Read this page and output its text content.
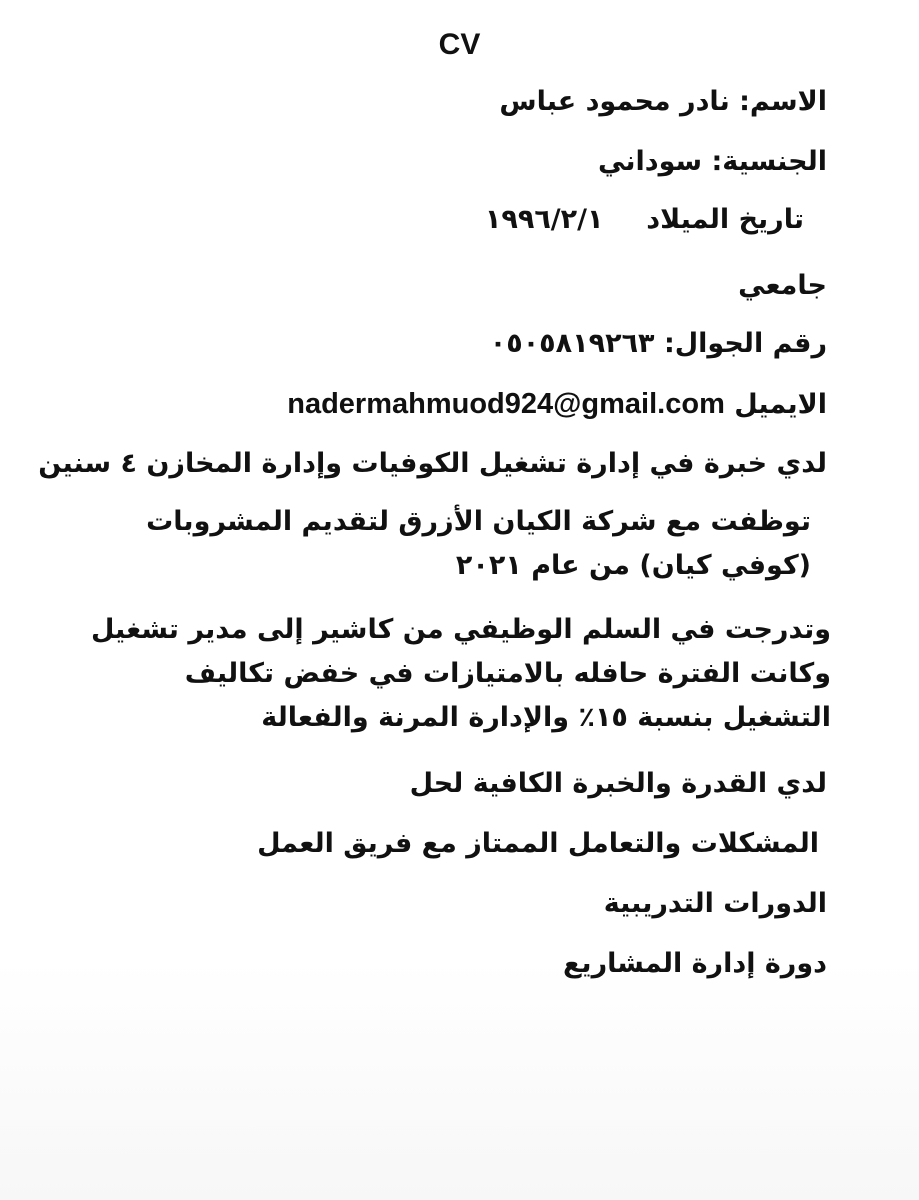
CV
الاسم: نادر محمود عباس
الجنسية: سوداني
تاريخ الميلاد  ١٩٩٦/٢/١
جامعي
رقم الجوال: ٠٥٠٥٨١٩٢٦٣
الايميل nadermahmuod924@gmail.com
لدي خبرة في إدارة تشغيل الكوفيات وإدارة المخازن ٤ سنين
توظفت مع شركة الكيان الأزرق لتقديم المشروبات (كوفي كيان) من عام ٢٠٢١
وتدرجت في السلم الوظيفي من كاشير إلى مدير تشغيل وكانت الفترة حافله بالامتيازات في خفض تكاليف التشغيل بنسبة ١٥٪ والإدارة المرنة والفعالة
لدي القدرة والخبرة الكافية لحل
المشكلات والتعامل الممتاز مع فريق العمل
الدورات التدريبية
دورة إدارة المشاريع
